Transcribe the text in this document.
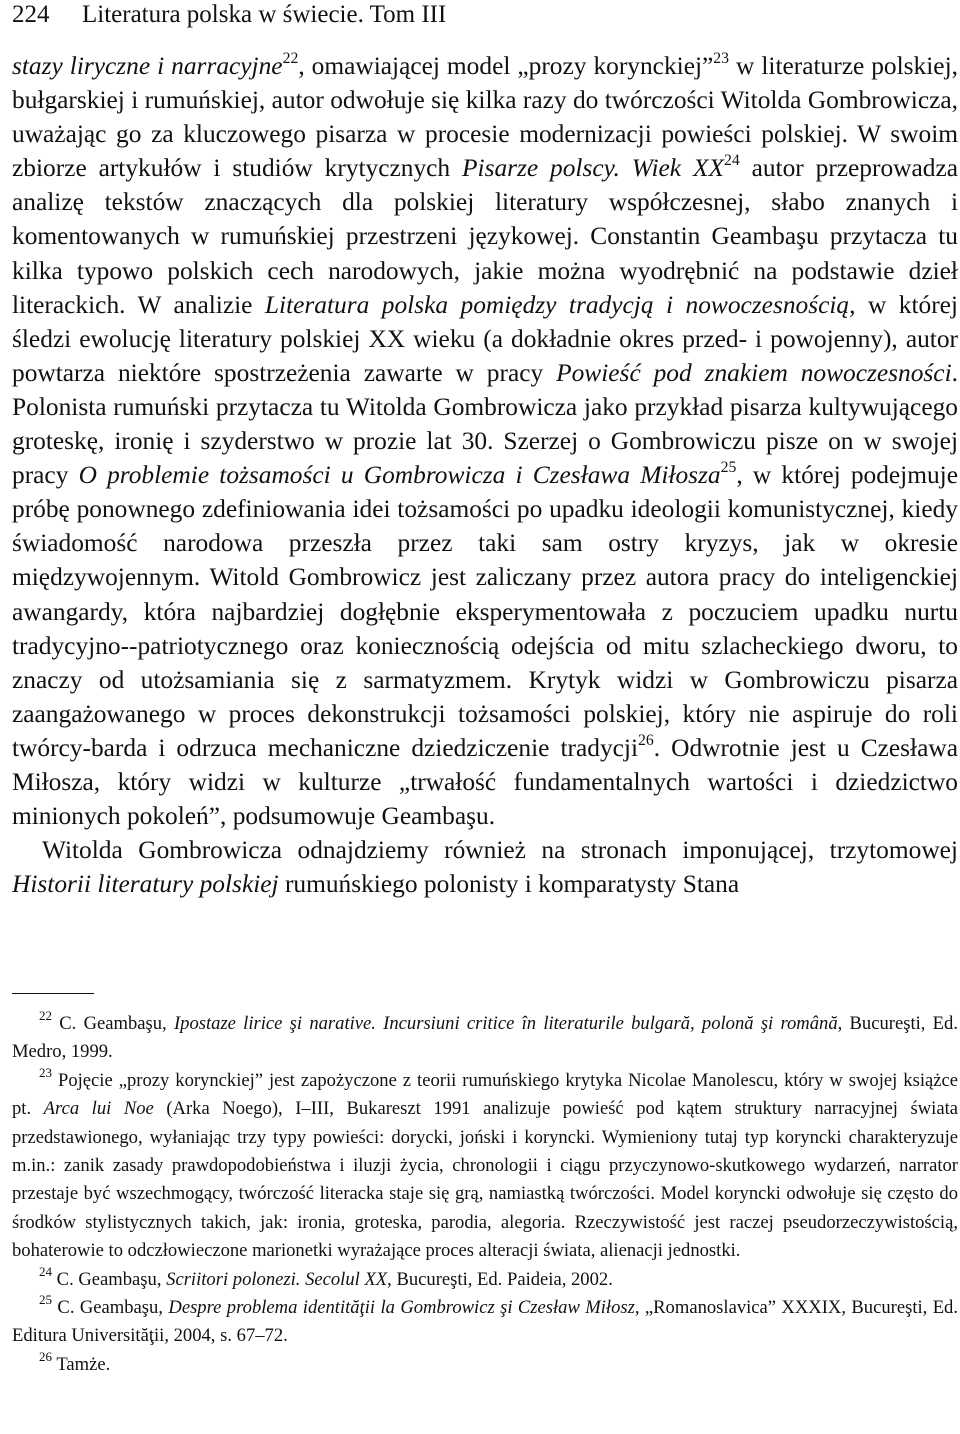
224 Literatura polska w świecie. Tom III

stazy liryczne i narracyjne$^{22}$, omawiającej model „prozy korynckiej”$^{23}$ w literaturze polskiej, bułgarskiej i rumuńskiej, autor odwołuje się kilka razy do twórczości Witolda Gombrowicza, uważając go za kluczowego pisarza w procesie modernizacji powieści polskiej. W swoim zbiorze artykułów i studiów krytycznych Pisarze polscy. Wiek XX$^{24}$ autor przeprowadza analizę tekstów znaczących dla polskiej literatury współczesnej, słabo znanych i komentowanych w rumuńskiej przestrzeni językowej. Constantin Geambaşu przytacza tu kilka typowo polskich cech narodowych, jakie można wyodrębnić na podstawie dzieł literackich. W analizie Literatura polska pomiędzy tradycją i nowoczesnością, w której śledzi ewolucję literatury polskiej XX wieku (a dokładnie okres przed- i powojenny), autor powtarza niektóre spostrzeżenia zawarte w pracy Powieść pod znakiem nowoczesności. Polonista rumuński przytacza tu Witolda Gombrowicza jako przykład pisarza kultywującego groteskę, ironię i szyderstwo w prozie lat 30. Szerzej o Gombrowiczu pisze on w swojej pracy O problemie tożsamości u Gombrowicza i Czesława Miłosza$^{25}$, w której podejmuje próbę ponownego zdefiniowania idei tożsamości po upadku ideologii komunistycznej, kiedy świadomość narodowa przeszła przez taki sam ostry kryzys, jak w okresie międzywojennym. Witold Gombrowicz jest zaliczany przez autora pracy do inteligenckiej awangardy, która najbardziej dogłębnie eksperymentowała z poczuciem upadku nurtu tradycyjno-‑patriotycznego oraz koniecznością odejścia od mitu szlacheckiego dworu, to znaczy od utożsamiania się z sarmatyzmem. Krytyk widzi w Gombrowiczu pisarza zaangażowanego w proces dekonstrukcji tożsamości polskiej, który nie aspiruje do roli twórcy-barda i odrzuca mechaniczne dziedziczenie tradycji$^{26}$. Odwrotnie jest u Czesława Miłosza, który widzi w kulturze „trwałość fundamentalnych wartości i dziedzictwo minionych pokoleń”, podsumowuje Geambaşu.

Witolda Gombrowicza odnajdziemy również na stronach imponującej, trzytomowej Historii literatury polskiej rumuńskiego polonisty i komparatysty Stana

$^{22}$ C. Geambaşu, Ipostaze lirice şi narative. Incursiuni critice în literaturile bulgară, polonă şi română, Bucureşti, Ed. Medro, 1999.

$^{23}$ Pojęcie „prozy korynckiej” jest zapożyczone z teorii rumuńskiego krytyka Nicolae Manolescu, który w swojej książce pt. Arca lui Noe (Arka Noego), I–III, Bukareszt 1991 analizuje powieść pod kątem struktury narracyjnej świata przedstawionego, wyłaniając trzy typy powieści: dorycki, joński i koryncki. Wymieniony tutaj typ koryncki charakteryzuje m.in.: zanik zasady prawdopodobieństwa i iluzji życia, chronologii i ciągu przyczynowo-skutkowego wydarzeń, narrator przestaje być wszechmogący, twórczość literacka staje się grą, namiastką twórczości. Model koryncki odwołuje się często do środków stylistycznych takich, jak: ironia, groteska, parodia, alegoria. Rzeczywistość jest raczej pseudorzeczywistością, bohaterowie to odczłowieczone marionetki wyrażające proces alteracji świata, alienacji jednostki.

$^{24}$ C. Geambaşu, Scriitori polonezi. Secolul XX, Bucureşti, Ed. Paideia, 2002.

$^{25}$ C. Geambaşu, Despre problema identităţii la Gombrowicz şi Czesław Miłosz, „Romanoslavica” XXXIX, Bucureşti, Ed. Editura Universităţii, 2004, s. 67–72.

$^{26}$ Tamże.
